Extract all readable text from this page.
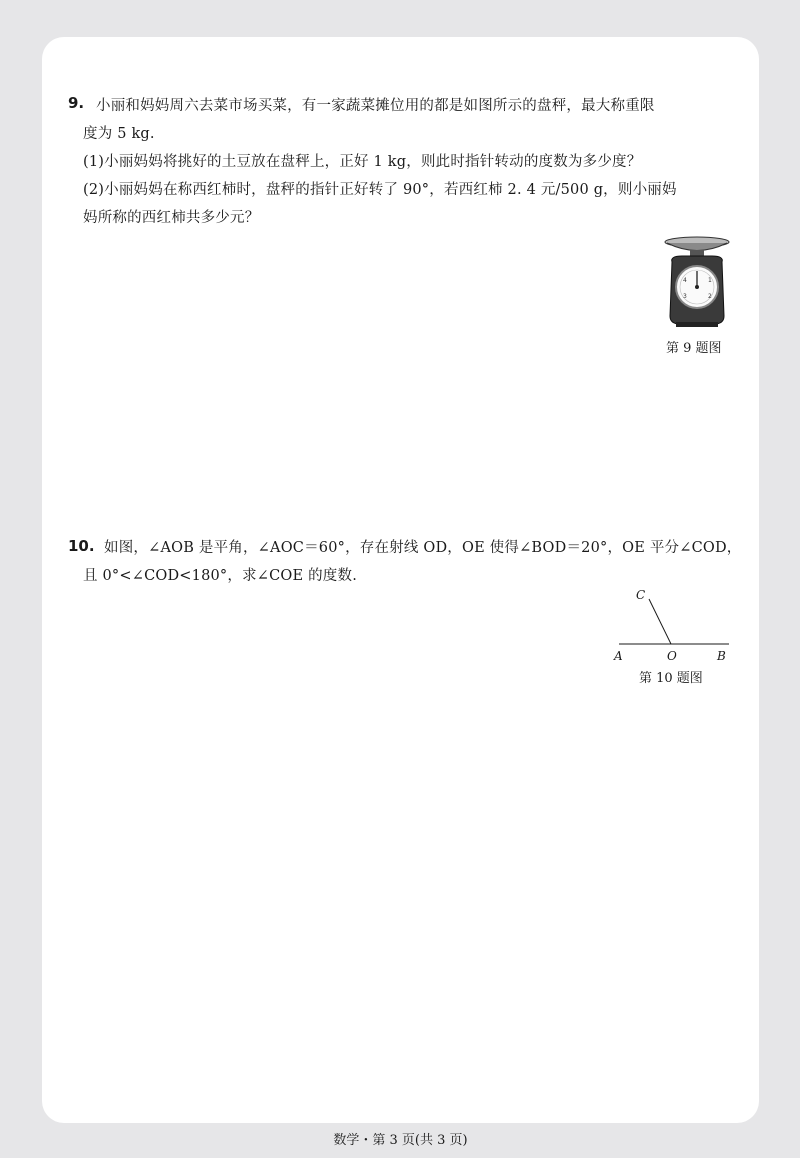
9. 小丽和妈妈周六去菜市场买菜，有一家蔬菜摊位用的都是如图所示的盘秤，最大称重限
度为 5 kg.
(1)小丽妈妈将挑好的土豆放在盘秤上，正好 1 kg，则此时指针转动的度数为多少度？
(2)小丽妈妈在称西红柿时，盘秤的指针正好转了 90°，若西红柿 2. 4 元/500 g，则小丽妈
妈所称的西红柿共多少元？
1
2
3
4
第 9 题图
10. 如图，∠AOB 是平角，∠AOC＝60°，存在射线 OD，OE 使得∠BOD＝20°，OE 平分∠COD，
且 0°<∠COD<180°，求∠COE 的度数.
C
A	O	B
第 10 题图
数学・第 3 页(共 3 页)
